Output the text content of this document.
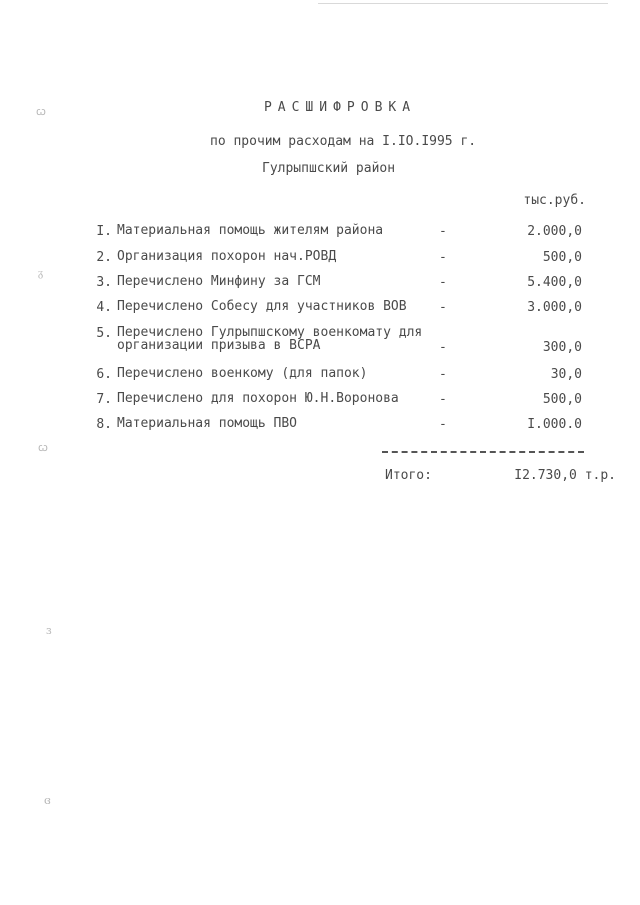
РАСШИФРОВКА
по прочим расходам на I.IO.I995 г.
Гулрыпшский район
тыс.руб.
I. Материальная помощь жителям района	-	2.000,0
2. Организация похорон нач.РОВД	-	500,0
3. Перечислено Минфину за ГСМ	-	5.400,0
4. Перечислено Собесу для участников ВОВ	-	3.000,0
5. Перечислено Гулрыпшскому военкомату для организации призыва в ВСРА	-	300,0
6. Перечислено военкому (для папок)	-	30,0
7. Перечислено для похорон Ю.Н.Воронова	-	500,0
8. Материальная помощь ПВО	-	I.000.0
Итого:	I2.730,0 т.р.
ꞷ
ᵹ
ꞷ
ɜ
ɞ
